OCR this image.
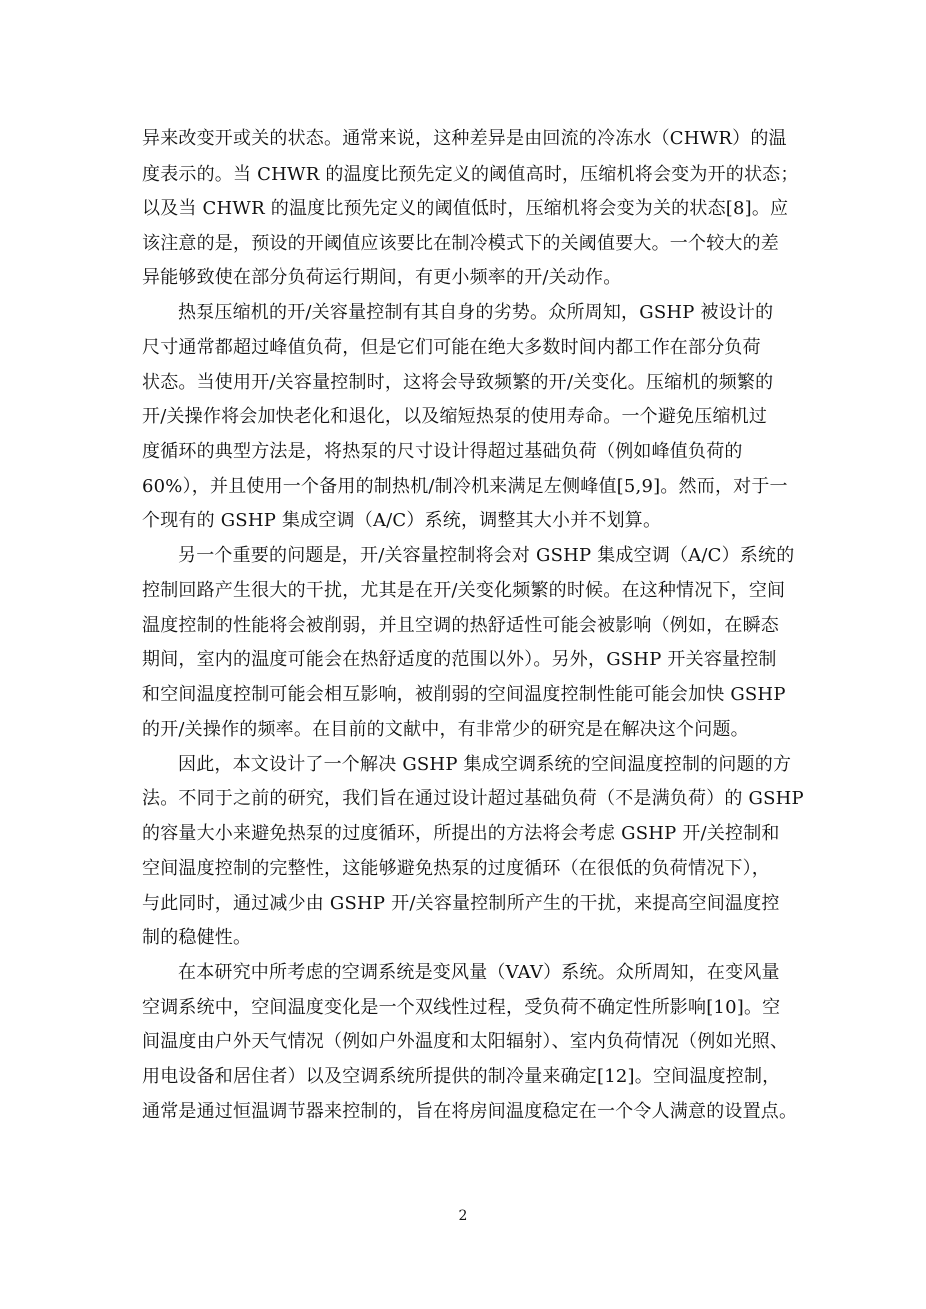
异来改变开或关的状态。通常来说，这种差异是由回流的冷冻水（CHWR）的温
度表示的。当 CHWR 的温度比预先定义的阈值高时，压缩机将会变为开的状态；
以及当 CHWR 的温度比预先定义的阈值低时，压缩机将会变为关的状态[8]。应
该注意的是，预设的开阈值应该要比在制冷模式下的关阈值要大。一个较大的差
异能够致使在部分负荷运行期间，有更小频率的开/关动作。
热泵压缩机的开/关容量控制有其自身的劣势。众所周知，GSHP 被设计的
尺寸通常都超过峰值负荷，但是它们可能在绝大多数时间内都工作在部分负荷
状态。当使用开/关容量控制时，这将会导致频繁的开/关变化。压缩机的频繁的
开/关操作将会加快老化和退化，以及缩短热泵的使用寿命。一个避免压缩机过
度循环的典型方法是，将热泵的尺寸设计得超过基础负荷（例如峰值负荷的
60%），并且使用一个备用的制热机/制冷机来满足左侧峰值[5,9]。然而，对于一
个现有的 GSHP 集成空调（A/C）系统，调整其大小并不划算。
另一个重要的问题是，开/关容量控制将会对 GSHP 集成空调（A/C）系统的
控制回路产生很大的干扰，尤其是在开/关变化频繁的时候。在这种情况下，空间
温度控制的性能将会被削弱，并且空调的热舒适性可能会被影响（例如，在瞬态
期间，室内的温度可能会在热舒适度的范围以外）。另外，GSHP 开关容量控制
和空间温度控制可能会相互影响，被削弱的空间温度控制性能可能会加快 GSHP
的开/关操作的频率。在目前的文献中，有非常少的研究是在解决这个问题。
因此，本文设计了一个解决 GSHP 集成空调系统的空间温度控制的问题的方
法。不同于之前的研究，我们旨在通过设计超过基础负荷（不是满负荷）的 GSHP
的容量大小来避免热泵的过度循环，所提出的方法将会考虑 GSHP 开/关控制和
空间温度控制的完整性，这能够避免热泵的过度循环（在很低的负荷情况下），
与此同时，通过减少由 GSHP 开/关容量控制所产生的干扰，来提高空间温度控
制的稳健性。
在本研究中所考虑的空调系统是变风量（VAV）系统。众所周知，在变风量
空调系统中，空间温度变化是一个双线性过程，受负荷不确定性所影响[10]。空
间温度由户外天气情况（例如户外温度和太阳辐射）、室内负荷情况（例如光照、
用电设备和居住者）以及空调系统所提供的制冷量来确定[12]。空间温度控制，
通常是通过恒温调节器来控制的，旨在将房间温度稳定在一个令人满意的设置点。
2
